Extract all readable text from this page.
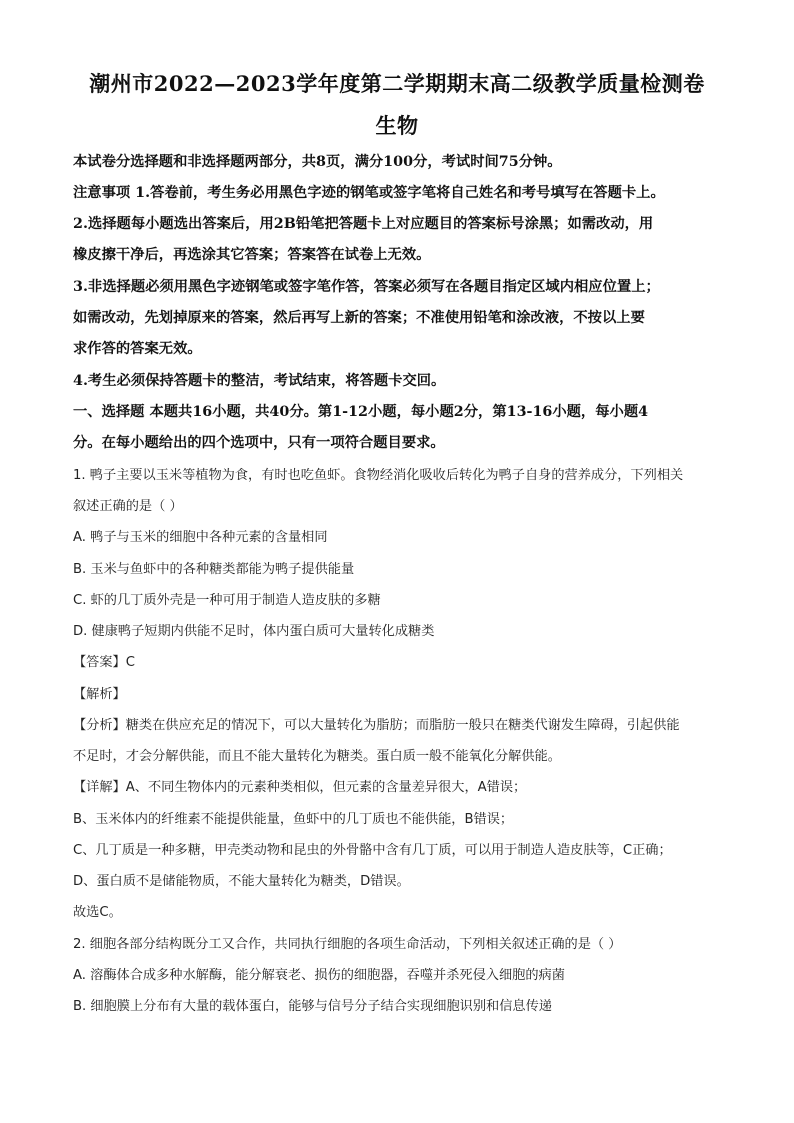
潮州市2022—2023学年度第二学期期末高二级教学质量检测卷
生物
本试卷分选择题和非选择题两部分，共8页，满分100分，考试时间75分钟。
注意事项 1.答卷前，考生务必用黑色字迹的钢笔或签字笔将自己姓名和考号填写在答题卡上。
2.选择题每小题选出答案后，用2B铅笔把答题卡上对应题目的答案标号涂黑；如需改动，用
橡皮擦干净后，再选涂其它答案；答案答在试卷上无效。
3.非选择题必须用黑色字迹钢笔或签字笔作答，答案必须写在各题目指定区域内相应位置上；
如需改动，先划掉原来的答案，然后再写上新的答案；不准使用铅笔和涂改液，不按以上要
求作答的答案无效。
4.考生必须保持答题卡的整洁，考试结束，将答题卡交回。
一、选择题 本题共16小题，共40分。第1-12小题，每小题2分，第13-16小题，每小题4
分。在每小题给出的四个选项中，只有一项符合题目要求。
1. 鸭子主要以玉米等植物为食，有时也吃鱼虾。食物经消化吸收后转化为鸭子自身的营养成分，下列相关
叙述正确的是（ ）
A. 鸭子与玉米的细胞中各种元素的含量相同
B. 玉米与鱼虾中的各种糖类都能为鸭子提供能量
C. 虾的几丁质外壳是一种可用于制造人造皮肤的多糖
D. 健康鸭子短期内供能不足时，体内蛋白质可大量转化成糖类
【答案】C
【解析】
【分析】糖类在供应充足的情况下，可以大量转化为脂肪；而脂肪一般只在糖类代谢发生障碍，引起供能
不足时，才会分解供能，而且不能大量转化为糖类。蛋白质一般不能氧化分解供能。
【详解】A、不同生物体内的元素种类相似，但元素的含量差异很大，A错误；
B、玉米体内的纤维素不能提供能量，鱼虾中的几丁质也不能供能，B错误；
C、几丁质是一种多糖，甲壳类动物和昆虫的外骨骼中含有几丁质，可以用于制造人造皮肤等，C正确；
D、蛋白质不是储能物质，不能大量转化为糖类，D错误。
故选C。
2. 细胞各部分结构既分工又合作，共同执行细胞的各项生命活动，下列相关叙述正确的是（ ）
A. 溶酶体合成多种水解酶，能分解衰老、损伤的细胞器，吞噬并杀死侵入细胞的病菌
B. 细胞膜上分布有大量的载体蛋白，能够与信号分子结合实现细胞识别和信息传递
